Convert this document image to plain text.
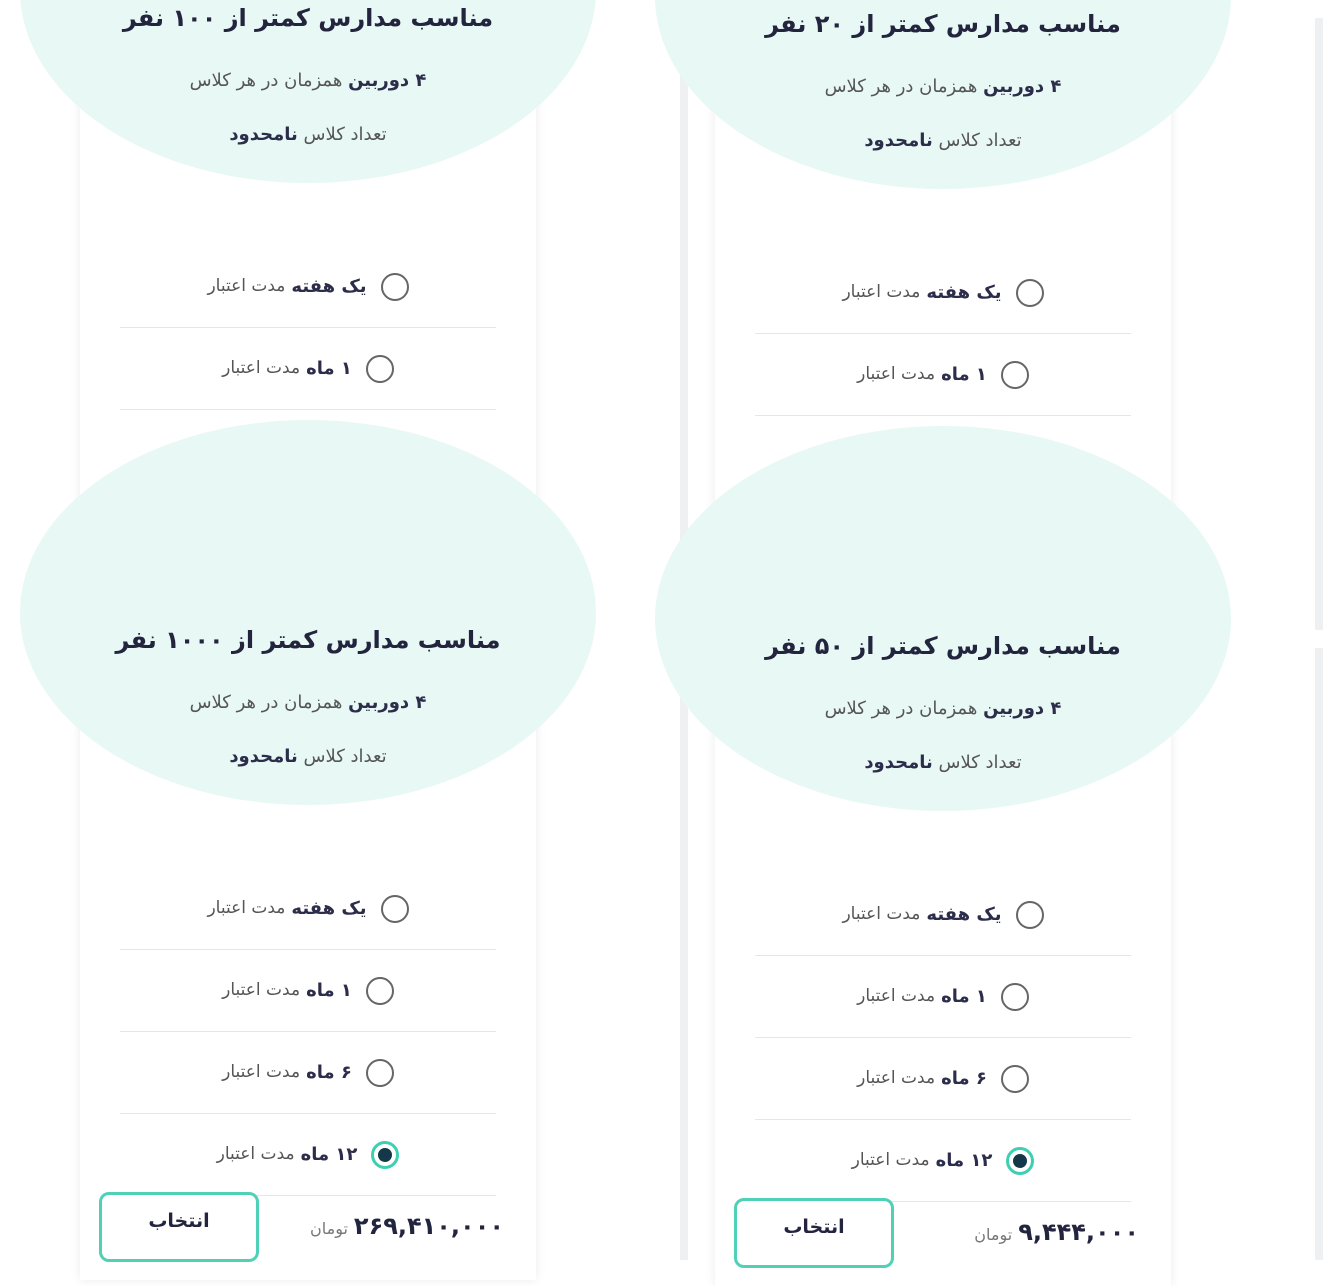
مناسب مدارس کمتر از ۱۰۰ نفر
۴ دوربین همزمان در هر کلاس
تعداد کلاس نامحدود
یک هفته
مدت اعتبار
۱ ماه
مدت اعتبار
مناسب مدارس کمتر از ۲۰ نفر
۴ دوربین همزمان در هر کلاس
تعداد کلاس نامحدود
یک هفته
مدت اعتبار
۱ ماه
مدت اعتبار
مناسب مدارس کمتر از ۱۰۰۰ نفر
۴ دوربین همزمان در هر کلاس
تعداد کلاس نامحدود
یک هفته
مدت اعتبار
۱ ماه
مدت اعتبار
۶ ماه
مدت اعتبار
۱۲ ماه
مدت اعتبار
انتخاب	۲۶۹,۴۱۰,۰۰۰تومان
مناسب مدارس کمتر از ۵۰ نفر
۴ دوربین همزمان در هر کلاس
تعداد کلاس نامحدود
یک هفته
مدت اعتبار
۱ ماه
مدت اعتبار
۶ ماه
مدت اعتبار
۱۲ ماه
مدت اعتبار
انتخاب	۹,۴۴۴,۰۰۰تومان
